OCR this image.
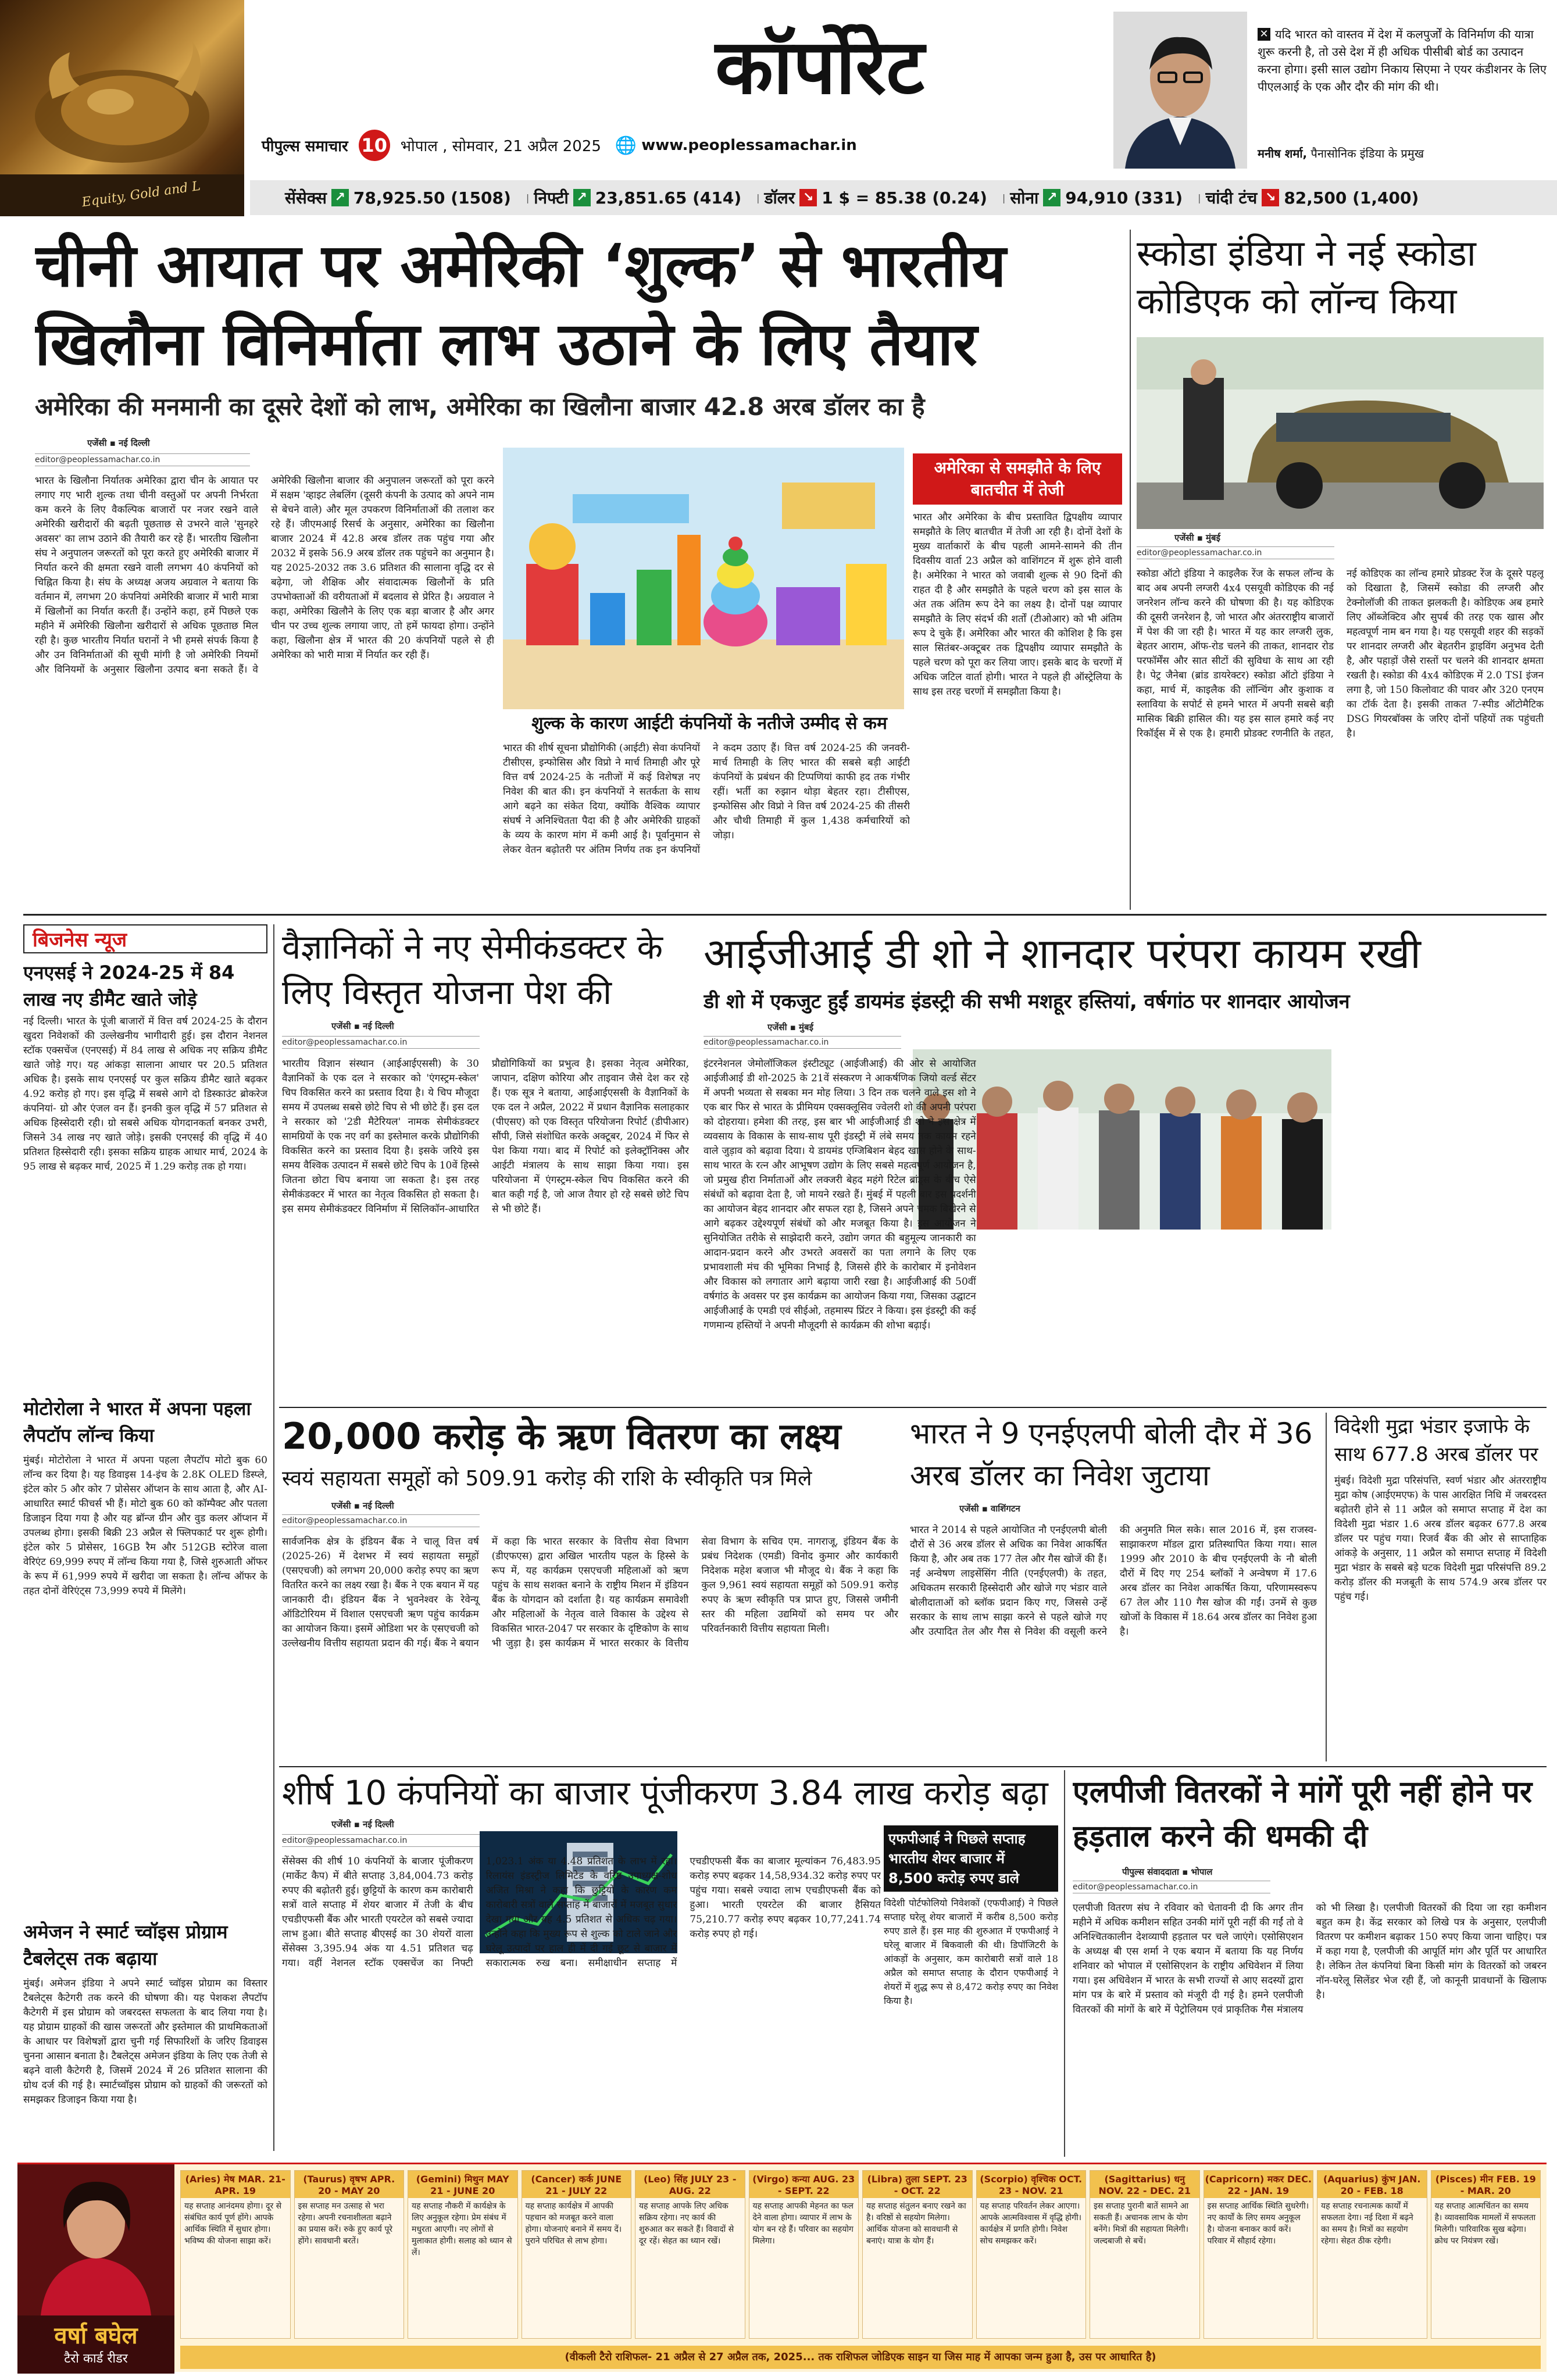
Equity, Gold and L
कॉर्पोरेट
पीपुल्स समाचार 10 भोपाल , सोमवार, 21 अप्रैल 2025 🌐 www.peoplessamachar.in
✕ यदि भारत को वास्तव में देश में कलपुर्जों के विनिर्माण की यात्रा शुरू करनी है, तो उसे देश में ही अधिक पीसीबी बोर्ड का उत्पादन करना होगा। इसी साल उद्योग निकाय सिएमा ने एयर कंडीशनर के लिए पीएलआई के एक और दौर की मांग की थी।
मनीष शर्मा, पैनासोनिक इंडिया के प्रमुख
सेंसेक्स ↗ 78,925.50 (1508) | निफ्टी ↗ 23,851.65 (414) | डॉलर ↘ 1 $ = 85.38 (0.24) | सोना ↗ 94,910 (331) | चांदी टंच ↘ 82,500 (1,400)
चीनी आयात पर अमेरिकी ‘शुल्क’ से भारतीय
खिलौना विनिर्माता लाभ उठाने के लिए तैयार
अमेरिका की मनमानी का दूसरे देशों को लाभ, अमेरिका का खिलौना बाजार 42.8 अरब डॉलर का है
एजेंसी ▪ नई दिल्ली
editor@peoplessamachar.co.in
भारत के खिलौना निर्यातक अमेरिका द्वारा चीन के आयात पर लगाए गए भारी शुल्क तथा चीनी वस्तुओं पर अपनी निर्भरता कम करने के लिए वैकल्पिक बाजारों पर नजर रखने वाले अमेरिकी खरीदारों की बढ़ती पूछताछ से उभरने वाले 'सुनहरे अवसर' का लाभ उठाने की तैयारी कर रहे हैं। भारतीय खिलौना संघ ने अनुपालन जरूरतों को पूरा करते हुए अमेरिकी बाजार में निर्यात करने की क्षमता रखने वाली लगभग 40 कंपनियों को चिह्नित किया है। संघ के अध्यक्ष अजय अग्रवाल ने बताया कि वर्तमान में, लगभग 20 कंपनियां अमेरिकी बाजार में भारी मात्रा में खिलौनों का निर्यात करती हैं। उन्होंने कहा, हमें पिछले एक महीने में अमेरिकी खिलौना खरीदारों से अधिक पूछताछ मिल रही है। कुछ भारतीय निर्यात घरानों ने भी हमसे संपर्क किया है और उन विनिर्माताओं की सूची मांगी है जो अमेरिकी नियमों और विनियमों के अनुसार खिलौना उत्पाद बना सकते हैं। वे अमेरिकी खिलौना बाजार की अनुपालन जरूरतों को पूरा करने में सक्षम 'व्हाइट लेबलिंग (दूसरी कंपनी के उत्पाद को अपने नाम से बेचने वाले) और मूल उपकरण विनिर्माताओं की तलाश कर रहे हैं। जीएमआई रिसर्च के अनुसार, अमेरिका का खिलौना बाजार 2024 में 42.8 अरब डॉलर तक पहुंच गया और 2032 में इसके 56.9 अरब डॉलर तक पहुंचने का अनुमान है। यह 2025-2032 तक 3.6 प्रतिशत की सालाना वृद्धि दर से बढ़ेगा, जो शैक्षिक और संवादात्मक खिलौनों के प्रति उपभोक्ताओं की वरीयताओं में बदलाव से प्रेरित है। अग्रवाल ने कहा, अमेरिका खिलौने के लिए एक बड़ा बाजार है और अगर चीन पर उच्च शुल्क लगाया जाए, तो हमें फायदा होगा। उन्होंने कहा, खिलौना क्षेत्र में भारत की 20 कंपनियों पहले से ही अमेरिका को भारी मात्रा में निर्यात कर रही हैं।
शुल्क के कारण आईटी कंपनियों के नतीजे उम्मीद से कम
भारत की शीर्ष सूचना प्रौद्योगिकी (आईटी) सेवा कंपनियों टीसीएस, इन्फोसिस और विप्रो ने मार्च तिमाही और पूरे वित्त वर्ष 2024-25 के नतीजों में कई विशेषज्ञ नए निवेश की बात की। इन कंपनियों ने सतर्कता के साथ आगे बढ़ने का संकेत दिया, क्योंकि वैश्विक व्यापार संघर्ष ने अनिश्चितता पैदा की है और अमेरिकी ग्राहकों के व्यय के कारण मांग में कमी आई है। पूर्वानुमान से लेकर वेतन बढ़ोतरी पर अंतिम निर्णय तक इन कंपनियों ने कदम उठाए हैं। वित्त वर्ष 2024-25 की जनवरी-मार्च तिमाही के लिए भारत की सबसे बड़ी आईटी कंपनियों के प्रबंधन की टिप्पणियां काफी हद तक गंभीर रहीं। भर्ती का रुझान थोड़ा बेहतर रहा। टीसीएस, इन्फोसिस और विप्रो ने वित्त वर्ष 2024-25 की तीसरी और चौथी तिमाही में कुल 1,438 कर्मचारियों को जोड़ा।
अमेरिका से समझौते के लिए बातचीत में तेजी
भारत और अमेरिका के बीच प्रस्तावित द्विपक्षीय व्यापार समझौते के लिए बातचीत में तेजी आ रही है। दोनों देशों के मुख्य वार्ताकारों के बीच पहली आमने-सामने की तीन दिवसीय वार्ता 23 अप्रैल को वाशिंगटन में शुरू होने वाली है। अमेरिका ने भारत को जवाबी शुल्क से 90 दिनों की राहत दी है और समझौते के पहले चरण को इस साल के अंत तक अंतिम रूप देने का लक्ष्य है। दोनों पक्ष व्यापार समझौते के लिए संदर्भ की शर्तों (टीओआर) को भी अंतिम रूप दे चुके हैं। अमेरिका और भारत की कोशिश है कि इस साल सितंबर-अक्टूबर तक द्विपक्षीय व्यापार समझौते के पहले चरण को पूरा कर लिया जाए। इसके बाद के चरणों में अधिक जटिल वार्ता होगी। भारत ने पहले ही ऑस्ट्रेलिया के साथ इस तरह चरणों में समझौता किया है।
स्कोडा इंडिया ने नई स्कोडा कोडिएक को लॉन्च किया
एजेंसी ▪ मुंबई
editor@peoplessamachar.co.in
स्कोडा ऑटो इंडिया ने काइलैक रेंज के सफल लॉन्च के बाद अब अपनी लग्जरी 4x4 एसयूवी कोडिएक की नई जनरेशन लॉन्च करने की घोषणा की है। यह कोडिएक की दूसरी जनरेशन है, जो भारत और अंतरराष्ट्रीय बाजारों में पेश की जा रही है। भारत में यह कार लग्जरी लुक, बेहतर आराम, ऑफ-रोड चलने की ताकत, शानदार रोड परफॉर्मेंस और सात सीटों की सुविधा के साथ आ रही है। पेट्र जैनेबा (ब्रांड डायरेक्टर) स्कोडा ऑटो इंडिया ने कहा, मार्च में, काइलैक की लॉन्चिंग और कुशाक व स्लाविया के सपोर्ट से हमने भारत में अपनी सबसे बड़ी मासिक बिक्री हासिल की। यह इस साल हमारे कई नए रिकॉर्ड्स में से एक है। हमारी प्रोडक्ट रणनीति के तहत, नई कोडिएक का लॉन्च हमारे प्रोडक्ट रेंज के दूसरे पहलू को दिखाता है, जिसमें स्कोडा की लग्जरी और टेक्नोलॉजी की ताकत झलकती है। कोडिएक अब हमारे लिए ऑब्जेक्टिव और सुपर्ब की तरह एक खास और महत्वपूर्ण नाम बन गया है। यह एसयूवी शहर की सड़कों पर शानदार लग्जरी और बेहतरीन ड्राइविंग अनुभव देती है, और पहाड़ों जैसे रास्तों पर चलने की शानदार क्षमता रखती है। स्कोडा की 4x4 कोडिएक में 2.0 TSI इंजन लगा है, जो 150 किलोवाट की पावर और 320 एनएम का टॉर्क देता है। इसकी ताकत 7-स्पीड ऑटोमैटिक DSG गियरबॉक्स के जरिए दोनों पहियों तक पहुंचती है।
बिजनेस न्यूज
एनएसई ने 2024-25 में 84 लाख नए डीमैट खाते जोड़े
नई दिल्ली। भारत के पूंजी बाजारों में वित्त वर्ष 2024-25 के दौरान खुदरा निवेशकों की उल्लेखनीय भागीदारी हुई। इस दौरान नेशनल स्टॉक एक्सचेंज (एनएसई) में 84 लाख से अधिक नए सक्रिय डीमैट खाते जोड़े गए। यह आंकड़ा सालाना आधार पर 20.5 प्रतिशत अधिक है। इसके साथ एनएसई पर कुल सक्रिय डीमैट खाते बढ़कर 4.92 करोड़ हो गए। इस वृद्धि में सबसे आगे दो डिस्काउंट ब्रोकरेज कंपनियां- ग्रो और एंजल वन हैं। इनकी कुल वृद्धि में 57 प्रतिशत से अधिक हिस्सेदारी रही। ग्रो सबसे अधिक योगदानकर्ता बनकर उभरी, जिसने 34 लाख नए खाते जोड़े। इसकी एनएसई की वृद्धि में 40 प्रतिशत हिस्सेदारी रही। इसका सक्रिय ग्राहक आधार मार्च, 2024 के 95 लाख से बढ़कर मार्च, 2025 में 1.29 करोड़ तक हो गया।
मोटोरोला ने भारत में अपना पहला लैपटॉप लॉन्च किया
मुंबई। मोटोरोला ने भारत में अपना पहला लैपटॉप मोटो बुक 60 लॉन्च कर दिया है। यह डिवाइस 14-इंच के 2.8K OLED डिस्प्ले, इंटेल कोर 5 और कोर 7 प्रोसेसर ऑप्शन के साथ आता है, और AI-आधारित स्मार्ट फीचर्स भी हैं। मोटो बुक 60 को कॉम्पैक्ट और पतला डिजाइन दिया गया है और यह ब्रॉन्ज ग्रीन और वुड कलर ऑप्शन में उपलब्ध होगा। इसकी बिक्री 23 अप्रैल से फ्लिपकार्ट पर शुरू होगी। इंटेल कोर 5 प्रोसेसर, 16GB रैम और 512GB स्टोरेज वाला वेरिएंट 69,999 रुपए में लॉन्च किया गया है, जिसे शुरुआती ऑफर के रूप में 61,999 रुपये में खरीदा जा सकता है। लॉन्च ऑफर के तहत दोनों वेरिएंट्स 73,999 रुपये में मिलेंगे।
अमेजन ने स्मार्ट च्वॉइस प्रोग्राम टैबलेट्स तक बढ़ाया
मुंबई। अमेजन इंडिया ने अपने स्मार्ट च्वॉइस प्रोग्राम का विस्तार टैबलेट्स कैटेगरी तक करने की घोषणा की। यह पेशकश लैपटॉप कैटेगरी में इस प्रोग्राम को जबरदस्त सफलता के बाद लिया गया है। यह प्रोग्राम ग्राहकों की खास जरूरतों और इस्तेमाल की प्राथमिकताओं के आधार पर विशेषज्ञों द्वारा चुनी गई सिफारिशों के जरिए डिवाइस चुनना आसान बनाता है। टैबलेट्स अमेजन इंडिया के लिए एक तेजी से बढ़ने वाली कैटेगरी है, जिसमें 2024 में 26 प्रतिशत सालाना की ग्रोथ दर्ज की गई है। स्मार्टच्वॉइस प्रोग्राम को ग्राहकों की जरूरतों को समझकर डिजाइन किया गया है।
वैज्ञानिकों ने नए सेमीकंडक्टर के लिए विस्तृत योजना पेश की
एजेंसी ▪ नई दिल्ली
editor@peoplessamachar.co.in
भारतीय विज्ञान संस्थान (आईआईएससी) के 30 वैज्ञानिकों के एक दल ने सरकार को 'एंगस्ट्रम-स्केल' चिप विकसित करने का प्रस्ताव दिया है। ये चिप मौजूदा समय में उपलब्ध सबसे छोटे चिप से भी छोटे हैं। इस दल ने सरकार को '2डी मैटेरियल' नामक सेमीकंडक्टर सामग्रियों के एक नए वर्ग का इस्तेमाल करके प्रौद्योगिकी विकसित करने का प्रस्ताव दिया है। इसके जरिये इस समय वैश्विक उत्पादन में सबसे छोटे चिप के 10वें हिस्से जितना छोटा चिप बनाया जा सकता है। इस तरह सेमीकंडक्टर में भारत का नेतृत्व विकसित हो सकता है। इस समय सेमीकंडक्टर विनिर्माण में सिलिकॉन-आधारित प्रौद्योगिकियों का प्रभुत्व है। इसका नेतृत्व अमेरिका, जापान, दक्षिण कोरिया और ताइवान जैसे देश कर रहे हैं। एक सूत्र ने बताया, आईआईएससी के वैज्ञानिकों के एक दल ने अप्रैल, 2022 में प्रधान वैज्ञानिक सलाहकार (पीएसए) को एक विस्तृत परियोजना रिपोर्ट (डीपीआर) सौंपी, जिसे संशोधित करके अक्टूबर, 2024 में फिर से पेश किया गया। बाद में रिपोर्ट को इलेक्ट्रॉनिक्स और आईटी मंत्रालय के साथ साझा किया गया। इस परियोजना में एंगस्ट्रम-स्केल चिप विकसित करने की बात कही गई है, जो आज तैयार हो रहे सबसे छोटे चिप से भी छोटे हैं।
आईजीआई डी शो ने शानदार परंपरा कायम रखी
डी शो में एकजुट हुईं डायमंड इंडस्ट्री की सभी मशहूर हस्तियां, वर्षगांठ पर शानदार आयोजन
एजेंसी ▪ मुंबई
editor@peoplessamachar.co.in
इंटरनेशनल जेमोलॉजिकल इंस्टीट्यूट (आईजीआई) की ओर से आयोजित आईजीआई डी शो-2025 के 21वें संस्करण ने आकर्षणिक जियो वर्ल्ड सेंटर में अपनी भव्यता से सबका मन मोह लिया। 3 दिन तक चलने वाले इस शो ने एक बार फिर से भारत के प्रीमियम एक्सक्लूसिव ज्वेलरी शो की अपनी परंपरा को दोहराया। हमेशा की तरह, इस बार भी आईजीआई डी शो ने इस क्षेत्र में व्यवसाय के विकास के साथ-साथ पूरी इंडस्ट्री में लंबे समय तक कायम रहने वाले जुड़ाव को बढ़ावा दिया। ये डायमंड एग्जिबिशन बेहद खास होने के साथ-साथ भारत के रत्न और आभूषण उद्योग के लिए सबसे महत्वपूर्ण आयोजन है, जो प्रमुख हीरा निर्माताओं और लक्जरी बेहद महंगे रिटेल ब्रांड्स के बीच ऐसे संबंधों को बढ़ावा देता है, जो मायने रखते हैं। मुंबई में पहली बार इस प्रदर्शनी का आयोजन बेहद शानदार और सफल रहा है, जिसने अपने चमक बिखेरने से आगे बढ़कर उद्देश्यपूर्ण संबंधों को और मजबूत किया है। इस आयोजन ने सुनियोजित तरीके से साझेदारी करने, उद्योग जगत की बहुमूल्य जानकारी का आदान-प्रदान करने और उभरते अवसरों का पता लगाने के लिए एक प्रभावशाली मंच की भूमिका निभाई है, जिससे हीरे के कारोबार में इनोवेशन और विकास को लगातार आगे बढ़ाया जारी रखा है। आईजीआई की 50वीं वर्षगांठ के अवसर पर इस कार्यक्रम का आयोजन किया गया, जिसका उद्घाटन आईजीआई के एमडी एवं सीईओ, तहमास्प प्रिंटर ने किया। इस इंडस्ट्री की कई गणमान्य हस्तियों ने अपनी मौजूदगी से कार्यक्रम की शोभा बढ़ाई।
20,000 करोड़ के ऋण वितरण का लक्ष्य
स्वयं सहायता समूहों को 509.91 करोड़ की राशि के स्वीकृति पत्र मिले
एजेंसी ▪ नई दिल्ली
editor@peoplessamachar.co.in
सार्वजनिक क्षेत्र के इंडियन बैंक ने चालू वित्त वर्ष (2025-26) में देशभर में स्वयं सहायता समूहों (एसएचजी) को लगभग 20,000 करोड़ रुपए का ऋण वितरित करने का लक्ष्य रखा है। बैंक ने एक बयान में यह जानकारी दी। इंडियन बैंक ने भुवनेश्वर के रेवेन्यू ऑडिटोरियम में विशाल एसएचजी ऋण पहुंच कार्यक्रम का आयोजन किया। इसमें ओडिशा भर के एसएचजी को उल्लेखनीय वित्तीय सहायता प्रदान की गई। बैंक ने बयान में कहा कि भारत सरकार के वित्तीय सेवा विभाग (डीएफएस) द्वारा अखिल भारतीय पहल के हिस्से के रूप में, यह कार्यक्रम एसएचजी महिलाओं को ऋण पहुंच के साथ सशक्त बनाने के राष्ट्रीय मिशन में इंडियन बैंक के योगदान को दर्शाता है। यह कार्यक्रम समावेशी और महिलाओं के नेतृत्व वाले विकास के उद्देश्य से विकसित भारत-2047 पर सरकार के दृष्टिकोण के साथ भी जुड़ा है। इस कार्यक्रम में भारत सरकार के वित्तीय सेवा विभाग के सचिव एम. नागराजू, इंडियन बैंक के प्रबंध निदेशक (एमडी) विनोद कुमार और कार्यकारी निदेशक महेश बजाज भी मौजूद थे। बैंक ने कहा कि कुल 9,961 स्वयं सहायता समूहों को 509.91 करोड़ रुपए के ऋण स्वीकृति पत्र प्राप्त हुए, जिससे जमीनी स्तर की महिला उद्यमियों को समय पर और परिवर्तनकारी वित्तीय सहायता मिली।
भारत ने 9 एनईएलपी बोली दौर में 36 अरब डॉलर का निवेश जुटाया
एजेंसी ▪ वाशिंगटन
भारत ने 2014 से पहले आयोजित नौ एनईएलपी बोली दौरों से 36 अरब डॉलर से अधिक का निवेश आकर्षित किया है, और अब तक 177 तेल और गैस खोजें की हैं। नई अन्वेषण लाइसेंसिंग नीति (एनईएलपी) के तहत, अधिकतम सरकारी हिस्सेदारी और खोजे गए भंडार वाले बोलीदाताओं को ब्लॉक प्रदान किए गए, जिससे उन्हें सरकार के साथ लाभ साझा करने से पहले खोजे गए और उत्पादित तेल और गैस से निवेश की वसूली करने की अनुमति मिल सके। साल 2016 में, इस राजस्व-साझाकरण मॉडल द्वारा प्रतिस्थापित किया गया। साल 1999 और 2010 के बीच एनईएलपी के नौ बोली दौरों में दिए गए 254 ब्लॉकों ने अन्वेषण में 17.6 अरब डॉलर का निवेश आकर्षित किया, परिणामस्वरूप 67 तेल और 110 गैस खोज की गईं। उनमें से कुछ खोजों के विकास में 18.64 अरब डॉलर का निवेश हुआ है।
विदेशी मुद्रा भंडार इजाफे के साथ 677.8 अरब डॉलर पर
मुंबई। विदेशी मुद्रा परिसंपत्ति, स्वर्ण भंडार और अंतरराष्ट्रीय मुद्रा कोष (आईएमएफ) के पास आरक्षित निधि में जबरदस्त बढ़ोतरी होने से 11 अप्रैल को समाप्त सप्ताह में देश का विदेशी मुद्रा भंडार 1.6 अरब डॉलर बढ़कर 677.8 अरब डॉलर पर पहुंच गया। रिजर्व बैंक की ओर से साप्ताहिक आंकड़े के अनुसार, 11 अप्रैल को समाप्त सप्ताह में विदेशी मुद्रा भंडार के सबसे बड़े घटक विदेशी मुद्रा परिसंपत्ति 89.2 करोड़ डॉलर की मजबूती के साथ 574.9 अरब डॉलर पर पहुंच गई।
शीर्ष 10 कंपनियों का बाजार पूंजीकरण 3.84 लाख करोड़ बढ़ा
एजेंसी ▪ नई दिल्ली
editor@peoplessamachar.co.in
सेंसेक्स की शीर्ष 10 कंपनियों के बाजार पूंजीकरण (मार्केट कैप) में बीते सप्ताह 3,84,004.73 करोड़ रुपए की बढ़ोतरी हुई। छुट्टियों के कारण कम कारोबारी सत्रों वाले सप्ताह में शेयर बाजार में तेजी के बीच एचडीएफसी बैंक और भारती एयरटेल को सबसे ज्यादा लाभ हुआ। बीते सप्ताह बीएसई का 30 शेयरों वाला सेंसेक्स 3,395.94 अंक या 4.51 प्रतिशत चढ़ गया। वहीं नेशनल स्टॉक एक्सचेंज का निफ्टी 1,023.1 अंक या 4.48 प्रतिशत के लाभ में रहा। रिलायंस इंडस्ट्रीज लिमिटेड के वरिष्ठ उपाध्यक्ष-शोध अजित मिश्रा ने कहा कि छुट्टियों के कारण कम कारोबारी सत्रों वाले सप्ताह में बाजारों में मजबूत सुधार देखा गया और यह 4.5 प्रतिशत से अधिक चढ़ गया। उन्होंने कहा कि मुख्य रूप से शुल्क को टाले जाने और घरेलू उत्पादों पर हाल ही में दी गई छूट से बाजार में सकारात्मक रुख बना। समीक्षाधीन सप्ताह में एचडीएफसी बैंक का बाजार मूल्यांकन 76,483.95 करोड़ रुपए बढ़कर 14,58,934.32 करोड़ रुपए पर पहुंच गया। सबसे ज्यादा लाभ एचडीएफसी बैंक को हुआ। भारती एयरटेल की बाजार हैसियत 75,210.77 करोड़ रुपए बढ़कर 10,77,241.74 करोड़ रुपए हो गई।
एफपीआई ने पिछले सप्ताह भारतीय शेयर बाजार में 8,500 करोड़ रुपए डाले
विदेशी पोर्टफोलियो निवेशकों (एफपीआई) ने पिछले सप्ताह घरेलू शेयर बाजारों में करीब 8,500 करोड़ रुपए डाले हैं। इस माह की शुरुआत में एफपीआई ने घरेलू बाजार में बिकवाली की थी। डिपॉजिटरी के आंकड़ों के अनुसार, कम कारोबारी सत्रों वाले 18 अप्रैल को समाप्त सप्ताह के दौरान एफपीआई ने शेयरों में शुद्ध रूप से 8,472 करोड़ रुपए का निवेश किया है।
एलपीजी वितरकों ने मांगें पूरी नहीं होने पर हड़ताल करने की धमकी दी
पीपुल्स संवाददाता ▪ भोपाल
editor@peoplessamachar.co.in
एलपीजी वितरण संघ ने रविवार को चेतावनी दी कि अगर तीन महीने में अधिक कमीशन सहित उनकी मांगें पूरी नहीं की गईं तो वे अनिश्चितकालीन देशव्यापी हड़ताल पर चले जाएंगे। एसोसिएशन के अध्यक्ष बी एस शर्मा ने एक बयान में बताया कि यह निर्णय शनिवार को भोपाल में एसोसिएशन के राष्ट्रीय अधिवेशन में लिया गया। इस अधिवेशन में भारत के सभी राज्यों से आए सदस्यों द्वारा मांग पत्र के बारे में प्रस्ताव को मंजूरी दी गई है। हमने एलपीजी वितरकों की मांगों के बारे में पेट्रोलियम एवं प्राकृतिक गैस मंत्रालय को भी लिखा है। एलपीजी वितरकों की दिया जा रहा कमीशन बहुत कम है। केंद्र सरकार को लिखे पत्र के अनुसार, एलपीजी वितरण पर कमीशन बढ़ाकर 150 रुपए किया जाना चाहिए। पत्र में कहा गया है, एलपीजी की आपूर्ति मांग और पूर्ति पर आधारित है। लेकिन तेल कंपनियां बिना किसी मांग के वितरकों को जबरन नॉन-घरेलू सिलेंडर भेज रही हैं, जो कानूनी प्रावधानों के खिलाफ है।
वर्षा बघेल
टैरो कार्ड रीडर
(Aries) मेष MAR. 21-APR. 19
यह सप्ताह आनंदमय होगा। दूर से संबंधित कार्य पूर्ण होंगे। आपके आर्थिक स्थिति में सुधार होगा। भविष्य की योजना साझा करें।
(Taurus) वृषभ APR. 20 - MAY 20
इस सप्ताह मन उत्साह से भरा रहेगा। अपनी रचनाशीलता बढ़ाने का प्रयास करें। रुके हुए कार्य पूरे होंगे। सावधानी बरतें।
(Gemini) मिथुन MAY 21 - JUNE 20
यह सप्ताह नौकरी में कार्यक्षेत्र के लिए अनुकूल रहेगा। प्रेम संबंध में मधुरता आएगी। नए लोगों से मुलाकात होगी। सलाह को ध्यान से लें।
(Cancer) कर्क JUNE 21 - JULY 22
यह सप्ताह कार्यक्षेत्र में आपकी पहचान को मजबूत करने वाला होगा। योजनाएं बनाने में समय दें। पुराने परिचित से लाभ होगा।
(Leo) सिंह JULY 23 - AUG. 22
यह सप्ताह आपके लिए अधिक सक्रिय रहेगा। नए कार्य की शुरुआत कर सकते हैं। विवादों से दूर रहें। सेहत का ध्यान रखें।
(Virgo) कन्या AUG. 23 - SEPT. 22
यह सप्ताह आपकी मेहनत का फल देने वाला होगा। व्यापार में लाभ के योग बन रहे हैं। परिवार का सहयोग मिलेगा।
(Libra) तुला SEPT. 23 - OCT. 22
यह सप्ताह संतुलन बनाए रखने का है। वरिष्ठों से सहयोग मिलेगा। आर्थिक योजना को सावधानी से बनाएं। यात्रा के योग हैं।
(Scorpio) वृश्चिक OCT. 23 - NOV. 21
यह सप्ताह परिवर्तन लेकर आएगा। आपके आत्मविश्वास में वृद्धि होगी। कार्यक्षेत्र में प्रगति होगी। निवेश सोच समझकर करें।
(Sagittarius) धनु NOV. 22 - DEC. 21
इस सप्ताह पुरानी बातें सामने आ सकती हैं। अचानक लाभ के योग बनेंगे। मित्रों की सहायता मिलेगी। जल्दबाजी से बचें।
(Capricorn) मकर DEC. 22 - JAN. 19
इस सप्ताह आर्थिक स्थिति सुधरेगी। नए कार्यों के लिए समय अनुकूल है। योजना बनाकर कार्य करें। परिवार में सौहार्द रहेगा।
(Aquarius) कुंभ JAN. 20 - FEB. 18
यह सप्ताह रचनात्मक कार्यों में सफलता देगा। नई दिशा में बढ़ने का समय है। मित्रों का सहयोग रहेगा। सेहत ठीक रहेगी।
(Pisces) मीन FEB. 19 - MAR. 20
यह सप्ताह आत्मचिंतन का समय है। व्यावसायिक मामलों में सफलता मिलेगी। पारिवारिक सुख बढ़ेगा। क्रोध पर नियंत्रण रखें।
(वीकली टैरो राशिफल- 21 अप्रैल से 27 अप्रैल तक, 2025... तक राशिफल जोडिएक साइन या जिस माह में आपका जन्म हुआ है, उस पर आधारित है)
